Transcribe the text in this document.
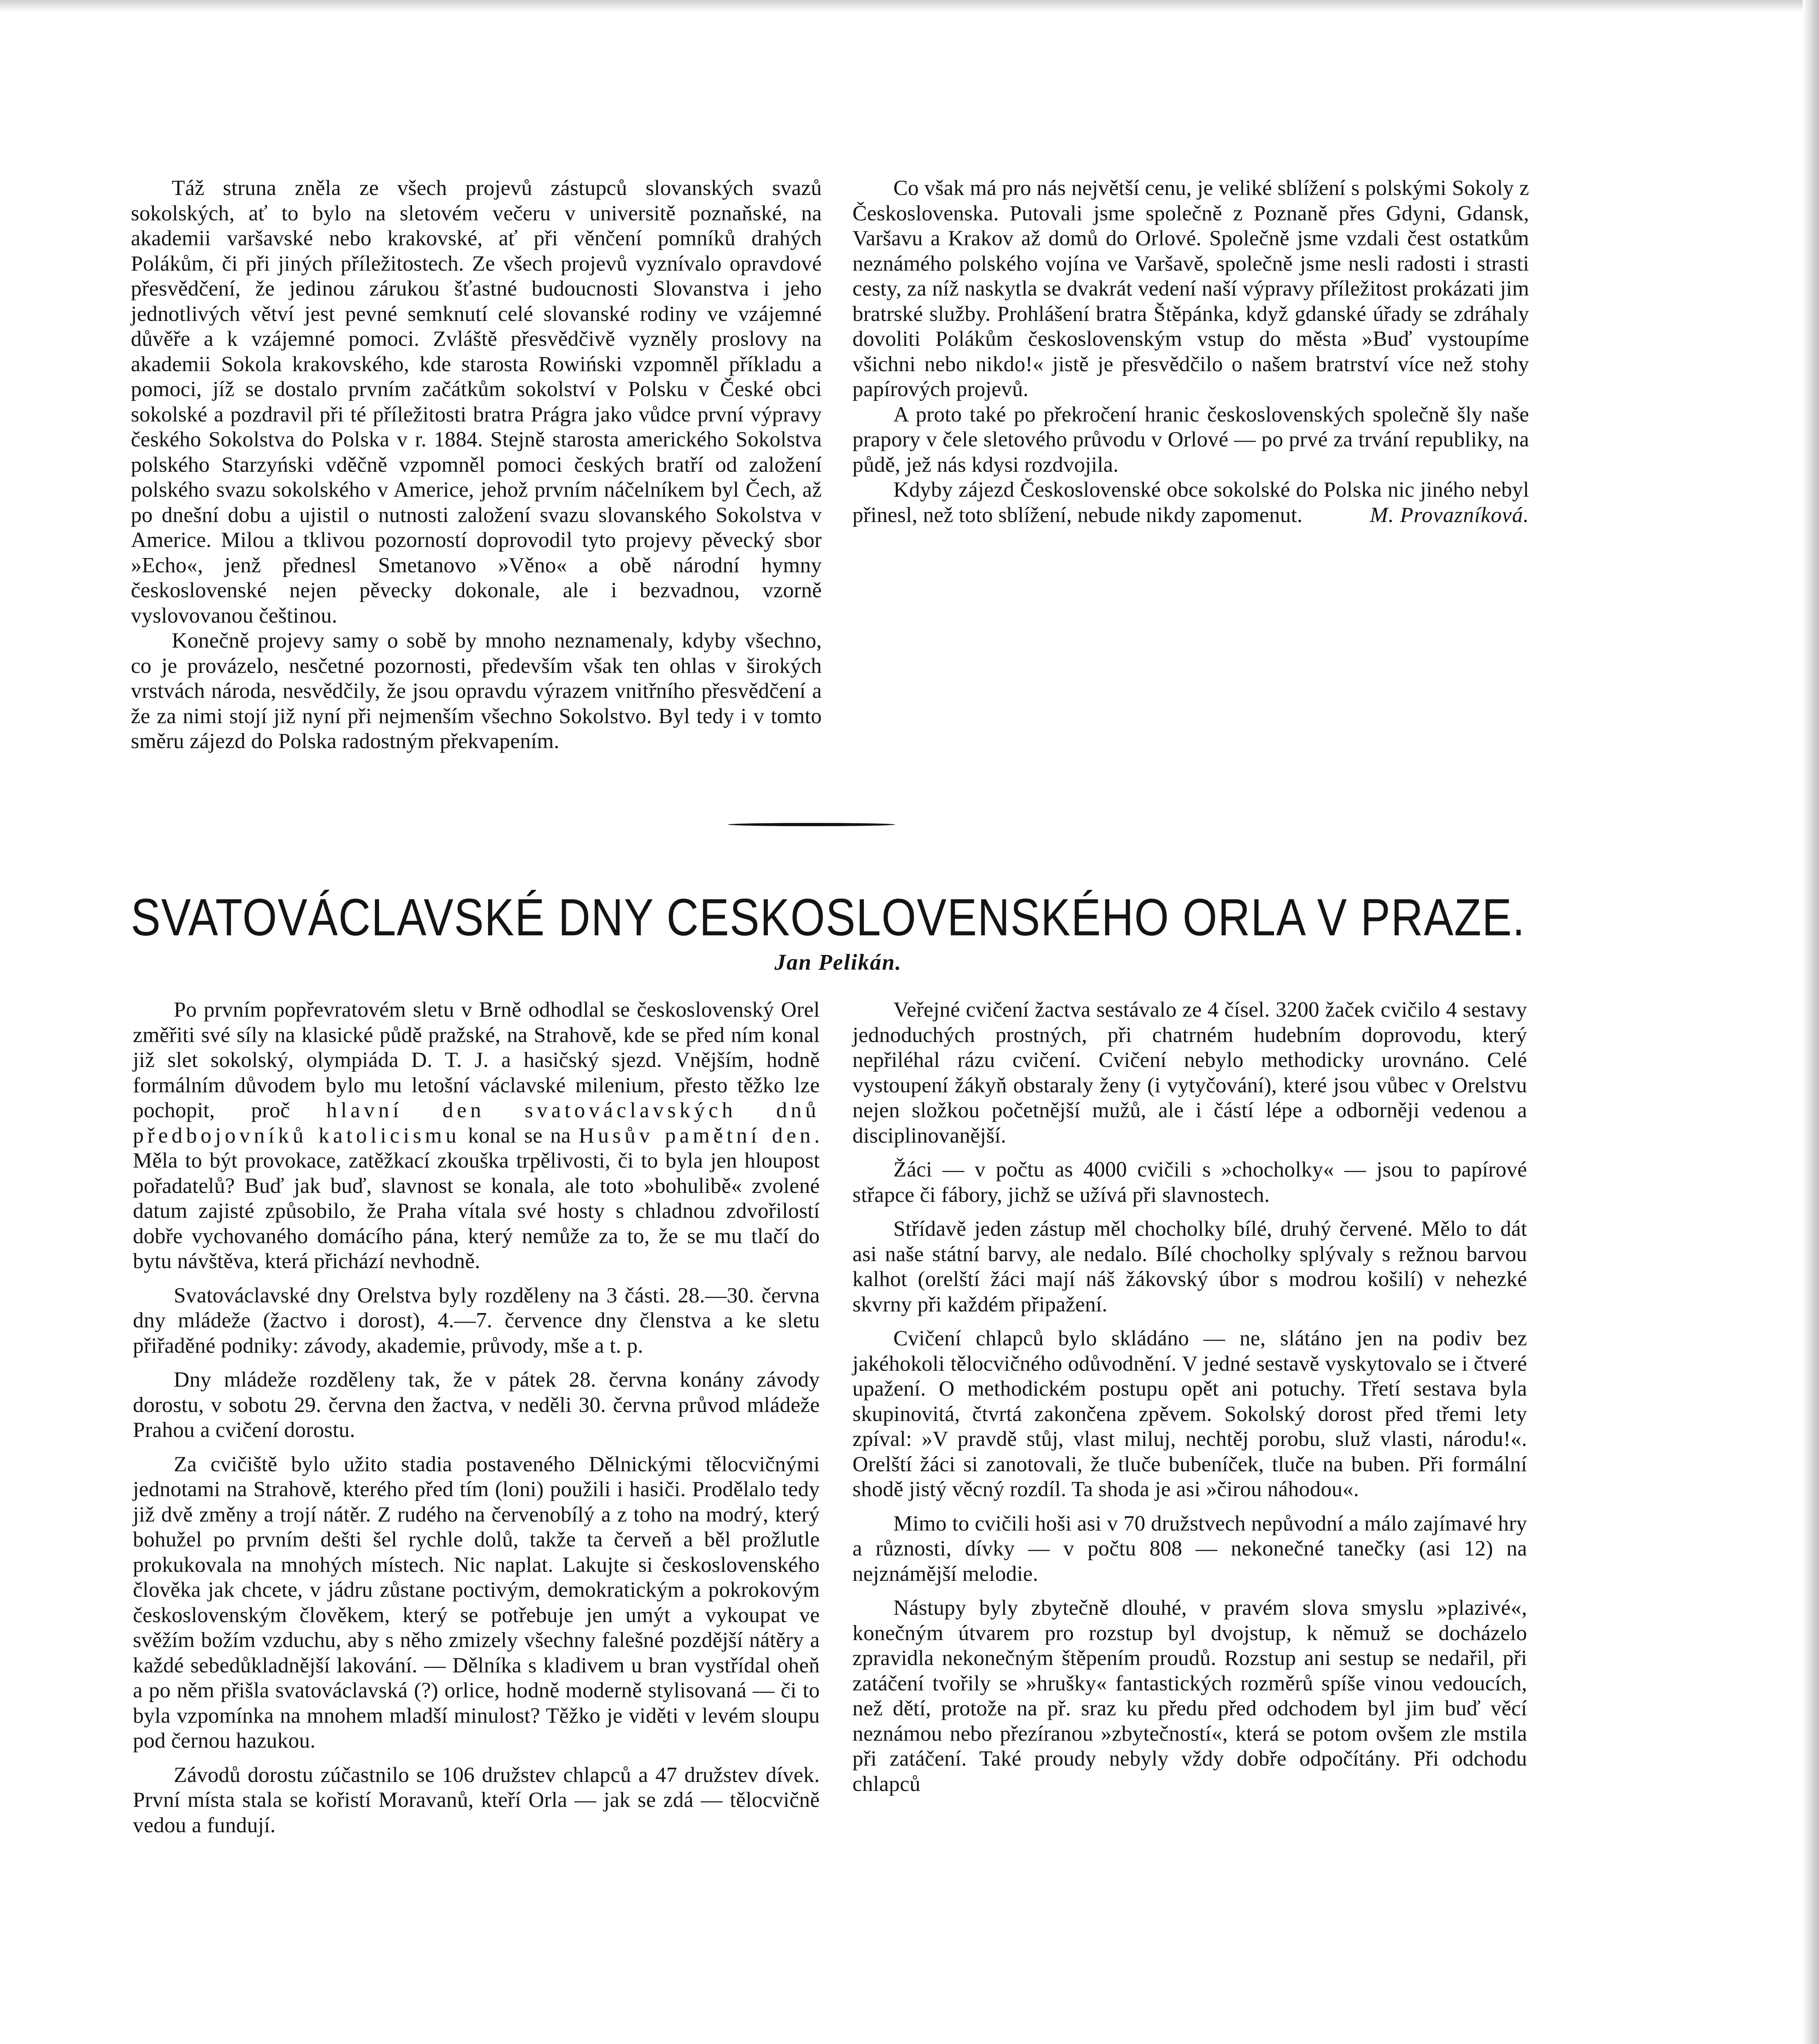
Táž struna zněla ze všech projevů zástupců slovanských svazů sokolských, ať to bylo na sletovém večeru v universitě poznaňské, na akademii varšavské nebo krakovské, ať při věnčení pomníků drahých Polákům, či při jiných příležitostech. Ze všech projevů vyznívalo opravdové přesvědčení, že jedinou zárukou šťastné budoucnosti Slovanstva i jeho jednotlivých větví jest pevné semknutí celé slovanské rodiny ve vzájemné důvěře a k vzájemné pomoci. Zvláště přesvědčivě vyzněly proslovy na akademii Sokola krakovského, kde starosta Rowiński vzpomněl příkladu a pomoci, jíž se dostalo prvním začátkům sokolství v Polsku v České obci sokolské a pozdravil při té příležitosti bratra Prágra jako vůdce první výpravy českého Sokolstva do Polska v r. 1884. Stejně starosta amerického Sokolstva polského Starzyński vděčně vzpomněl pomoci českých bratří od založení polského svazu sokolského v Americe, jehož prvním náčelníkem byl Čech, až po dnešní dobu a ujistil o nutnosti založení svazu slovanského Sokolstva v Americe. Milou a tklivou pozorností doprovodil tyto projevy pěvecký sbor »Echo«, jenž přednesl Smetanovo »Věno« a obě národní hymny československé nejen pěvecky dokonale, ale i bezvadnou, vzorně vyslovovanou češtinou.

Konečně projevy samy o sobě by mnoho neznamenaly, kdyby všechno, co je provázelo, nesčetné pozornosti, především však ten ohlas v širokých vrstvách národa, nesvědčily, že jsou opravdu výrazem vnitřního přesvědčení a že za nimi stojí již nyní při nejmenším všechno Sokolstvo. Byl tedy i v tomto směru zájezd do Polska radostným překvapením.

Co však má pro nás největší cenu, je veliké sblížení s polskými Sokoly z Československa. Putovali jsme společně z Poznaně přes Gdyni, Gdansk, Varšavu a Krakov až domů do Orlové. Společně jsme vzdali čest ostatkům neznámého polského vojína ve Varšavě, společně jsme nesli radosti i strasti cesty, za níž naskytla se dvakrát vedení naší výpravy příležitost prokázati jim bratrské služby. Prohlášení bratra Štěpánka, když gdanské úřady se zdráhaly dovoliti Polákům československým vstup do města »Buď vystoupíme všichni nebo nikdo!« jistě je přesvědčilo o našem bratrství více než stohy papírových projevů.

A proto také po překročení hranic československých společně šly naše prapory v čele sletového průvodu v Orlové — po prvé za trvání republiky, na půdě, jež nás kdysi rozdvojila.

Kdyby zájezd Československé obce sokolské do Polska nic jiného nebyl přinesl, než toto sblížení, nebude nikdy zapomenut.	M. Provazníková.

SVATOVÁCLAVSKÉ DNY CESKOSLOVENSKÉHO ORLA V PRAZE.
Jan Pelikán.

Po prvním popřevratovém sletu v Brně odhodlal se československý Orel změřiti své síly na klasické půdě pražské, na Strahově, kde se před ním konal již slet sokolský, olympiáda D. T. J. a hasičský sjezd. Vnějším, hodně formálním důvodem bylo mu letošní václavské milenium, přesto těžko lze pochopit, proč hlavní den svatováclavských dnů předbojovníků katolicismu konal se na Husův pamětní den. Měla to být provokace, zatěžkací zkouška trpělivosti, či to byla jen hloupost pořadatelů? Buď jak buď, slavnost se konala, ale toto »bohulibě« zvolené datum zajisté způsobilo, že Praha vítala své hosty s chladnou zdvořilostí dobře vychovaného domácího pána, který nemůže za to, že se mu tlačí do bytu návštěva, která přichází nevhodně.

Svatováclavské dny Orelstva byly rozděleny na 3 části. 28.—30. června dny mládeže (žactvo i dorost), 4.—7. července dny členstva a ke sletu přiřaděné podniky: závody, akademie, průvody, mše a t. p.

Dny mládeže rozděleny tak, že v pátek 28. června konány závody dorostu, v sobotu 29. června den žactva, v neděli 30. června průvod mládeže Prahou a cvičení dorostu.

Za cvičiště bylo užito stadia postaveného Dělnickými tělocvičnými jednotami na Strahově, kterého před tím (loni) použili i hasiči. Prodělalo tedy již dvě změny a trojí nátěr. Z rudého na červenobílý a z toho na modrý, který bohužel po prvním dešti šel rychle dolů, takže ta červeň a běl prožlutle prokukovala na mnohých místech. Nic naplat. Lakujte si československého člověka jak chcete, v jádru zůstane poctivým, demokratickým a pokrokovým československým člověkem, který se potřebuje jen umýt a vykoupat ve svěžím božím vzduchu, aby s něho zmizely všechny falešné pozdější nátěry a každé sebedůkladnější lakování. — Dělníka s kladivem u bran vystřídal oheň a po něm přišla svatováclavská (?) orlice, hodně moderně stylisovaná — či to byla vzpomínka na mnohem mladší minulost? Těžko je viděti v levém sloupu pod černou hazukou.

Závodů dorostu zúčastnilo se 106 družstev chlapců a 47 družstev dívek. První místa stala se kořistí Moravanů, kteří Orla — jak se zdá — tělocvičně vedou a fundují.

Veřejné cvičení žactva sestávalo ze 4 čísel. 3200 žaček cvičilo 4 sestavy jednoduchých prostných, při chatrném hudebním doprovodu, který nepřiléhal rázu cvičení. Cvičení nebylo methodicky urovnáno. Celé vystoupení žákyň obstaraly ženy (i vytyčování), které jsou vůbec v Orelstvu nejen složkou početnější mužů, ale i částí lépe a odborněji vedenou a disciplinovanější.

Žáci — v počtu as 4000 cvičili s »chocholky« — jsou to papírové střapce či fábory, jichž se užívá při slavnostech.

Střídavě jeden zástup měl chocholky bílé, druhý červené. Mělo to dát asi naše státní barvy, ale nedalo. Bílé chocholky splývaly s režnou barvou kalhot (orelští žáci mají náš žákovský úbor s modrou košilí) v nehezké skvrny při každém připažení.

Cvičení chlapců bylo skládáno — ne, slátáno jen na podiv bez jakéhokoli tělocvičného odůvodnění. V jedné sestavě vyskytovalo se i čtveré upažení. O methodickém postupu opět ani potuchy. Třetí sestava byla skupinovitá, čtvrtá zakončena zpěvem. Sokolský dorost před třemi lety zpíval: »V pravdě stůj, vlast miluj, nechtěj porobu, služ vlasti, národu!«. Orelští žáci si zanotovali, že tluče bubeníček, tluče na buben. Při formální shodě jistý věcný rozdíl. Ta shoda je asi »čirou náhodou«.

Mimo to cvičili hoši asi v 70 družstvech nepůvodní a málo zajímavé hry a různosti, dívky — v počtu 808 — nekonečné tanečky (asi 12) na nejznámější melodie.

Nástupy byly zbytečně dlouhé, v pravém slova smyslu »plazivé«, konečným útvarem pro rozstup byl dvojstup, k němuž se docházelo zpravidla nekonečným štěpením proudů. Rozstup ani sestup se nedařil, při zatáčení tvořily se »hrušky« fantastických rozměrů spíše vinou vedoucích, než dětí, protože na př. sraz ku předu před odchodem byl jim buď věcí neznámou nebo přezíranou »zbytečností«, která se potom ovšem zle mstila při zatáčení. Také proudy nebyly vždy dobře odpočítány. Při odchodu chlapců
